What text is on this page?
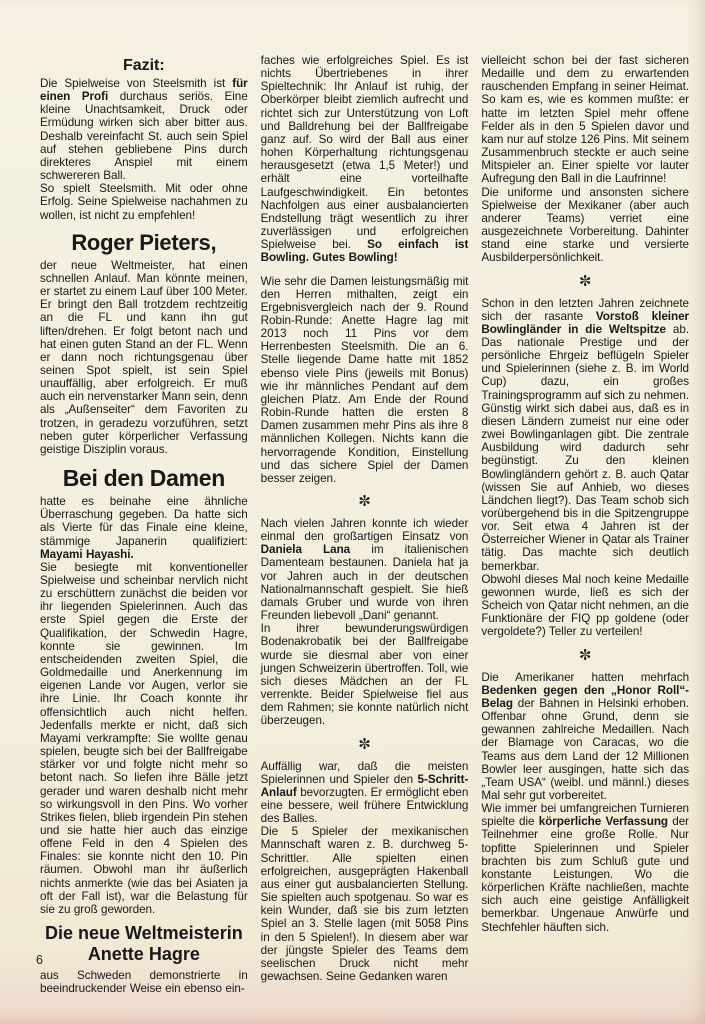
Fazit:

Die Spielweise von Steelsmith ist für einen Profi durchaus seriös. Eine kleine Unachtsamkeit, Druck oder Ermüdung wirken sich aber bitter aus. Deshalb vereinfacht St. auch sein Spiel auf stehen gebliebene Pins durch direkteres Anspiel mit einem schwereren Ball.

So spielt Steelsmith. Mit oder ohne Erfolg. Seine Spielweise nachahmen zu wollen, ist nicht zu empfehlen!

Roger Pieters,

der neue Weltmeister, hat einen schnellen Anlauf. Man könnte meinen, er startet zu einem Lauf über 100 Meter. Er bringt den Ball trotzdem rechtzeitig an die FL und kann ihn gut liften/drehen. Er folgt betont nach und hat einen guten Stand an der FL. Wenn er dann noch richtungsgenau über seinen Spot spielt, ist sein Spiel unauffällig, aber erfolgreich. Er muß auch ein nervenstarker Mann sein, denn als „Außenseiter“ dem Favoriten zu trotzen, in geradezu vorzuführen, setzt neben guter körperlicher Verfassung geistige Disziplin voraus.

Bei den Damen

hatte es beinahe eine ähnliche Überraschung gegeben. Da hatte sich als Vierte für das Finale eine kleine, stämmige Japanerin qualifiziert: Mayami Hayashi.

Sie besiegte mit konventioneller Spielweise und scheinbar nervlich nicht zu erschüttern zunächst die beiden vor ihr liegenden Spielerinnen. Auch das erste Spiel gegen die Erste der Qualifikation, der Schwedin Hagre, konnte sie gewinnen. Im entscheidenden zweiten Spiel, die Goldmedaille und Anerkennung im eigenen Lande vor Augen, verlor sie ihre Linie. Ihr Coach konnte ihr offensichtlich auch nicht helfen. Jedenfalls merkte er nicht, daß sich Mayami verkrampfte: Sie wollte genau spielen, beugte sich bei der Ballfreigabe stärker vor und folgte nicht mehr so betont nach. So liefen ihre Bälle jetzt gerader und waren deshalb nicht mehr so wirkungsvoll in den Pins. Wo vorher Strikes fielen, blieb irgendein Pin stehen und sie hatte hier auch das einzige offene Feld in den 4 Spielen des Finales: sie konnte nicht den 10. Pin räumen. Obwohl man ihr äußerlich nichts anmerkte (wie das bei Asiaten ja oft der Fall ist), war die Belastung für sie zu groß geworden.

Die neue Weltmeisterin
Anette Hagre

aus Schweden demonstrierte in beeindruckender Weise ein ebenso ein-

faches wie erfolgreiches Spiel. Es ist nichts Übertriebenes in ihrer Spieltechnik: Ihr Anlauf ist ruhig, der Oberkörper bleibt ziemlich aufrecht und richtet sich zur Unterstützung von Loft und Balldrehung bei der Ballfreigabe ganz auf. So wird der Ball aus einer hohen Körperhaltung richtungsgenau herausgesetzt (etwa 1,5 Meter!) und erhält eine vorteilhafte Laufgeschwindigkeit. Ein betontes Nachfolgen aus einer ausbalancierten Endstellung trägt wesentlich zu ihrer zuverlässigen und erfolgreichen Spielweise bei. So einfach ist Bowling. Gutes Bowling!

Wie sehr die Damen leistungsmäßig mit den Herren mithalten, zeigt ein Ergebnisvergleich nach der 9. Round Robin-Runde: Anette Hagre lag mit 2013 noch 11 Pins vor dem Herrenbesten Steelsmith. Die an 6. Stelle liegende Dame hatte mit 1852 ebenso viele Pins (jeweils mit Bonus) wie ihr männliches Pendant auf dem gleichen Platz. Am Ende der Round Robin-Runde hatten die ersten 8 Damen zusammen mehr Pins als ihre 8 männlichen Kollegen. Nichts kann die hervorragende Kondition, Einstellung und das sichere Spiel der Damen besser zeigen.

✼

Nach vielen Jahren konnte ich wieder einmal den großartigen Einsatz von Daniela Lana im italienischen Damenteam bestaunen. Daniela hat ja vor Jahren auch in der deutschen Nationalmannschaft gespielt. Sie hieß damals Gruber und wurde von ihren Freunden liebevoll „Dani“ genannt.

In ihrer bewunderungswürdigen Bodenakrobatik bei der Ballfreigabe wurde sie diesmal aber von einer jungen Schweizerin übertroffen. Toll, wie sich dieses Mädchen an der FL verrenkte. Beider Spielweise fiel aus dem Rahmen; sie konnte natürlich nicht überzeugen.

✼

Auffällig war, daß die meisten Spielerinnen und Spieler den 5-Schritt-Anlauf bevorzugten. Er ermöglicht eben eine bessere, weil frühere Entwicklung des Balles.

Die 5 Spieler der mexikanischen Mannschaft waren z. B. durchweg 5-Schrittler. Alle spielten einen erfolgreichen, ausgeprägten Hakenball aus einer gut ausbalancierten Stellung. Sie spielten auch spotgenau. So war es kein Wunder, daß sie bis zum letzten Spiel an 3. Stelle lagen (mit 5058 Pins in den 5 Spielen!). In diesem aber war der jüngste Spieler des Teams dem seelischen Druck nicht mehr gewachsen. Seine Gedanken waren

vielleicht schon bei der fast sicheren Medaille und dem zu erwartenden rauschenden Empfang in seiner Heimat. So kam es, wie es kommen mußte: er hatte im letzten Spiel mehr offene Felder als in den 5 Spielen davor und kam nur auf stolze 126 Pins. Mit seinem Zusammenbruch steckte er auch seine Mitspieler an. Einer spielte vor lauter Aufregung den Ball in die Laufrinne!

Die uniforme und ansonsten sichere Spielweise der Mexikaner (aber auch anderer Teams) verriet eine ausgezeichnete Vorbereitung. Dahinter stand eine starke und versierte Ausbilderpersönlichkeit.

✼

Schon in den letzten Jahren zeichnete sich der rasante Vorstoß kleiner Bowlingländer in die Weltspitze ab. Das nationale Prestige und der persönliche Ehrgeiz beflügeln Spieler und Spielerinnen (siehe z. B. im World Cup) dazu, ein großes Trainingsprogramm auf sich zu nehmen. Günstig wirkt sich dabei aus, daß es in diesen Ländern zumeist nur eine oder zwei Bowlinganlagen gibt. Die zentrale Ausbildung wird dadurch sehr begünstigt. Zu den kleinen Bowlingländern gehört z. B. auch Qatar (wissen Sie auf Anhieb, wo dieses Ländchen liegt?). Das Team schob sich vorübergehend bis in die Spitzengruppe vor. Seit etwa 4 Jahren ist der Österreicher Wiener in Qatar als Trainer tätig. Das machte sich deutlich bemerkbar.

Obwohl dieses Mal noch keine Medaille gewonnen wurde, ließ es sich der Scheich von Qatar nicht nehmen, an die Funktionäre der FIQ pp goldene (oder vergoldete?) Teller zu verteilen!

✼

Die Amerikaner hatten mehrfach Bedenken gegen den „Honor Roll“-Belag der Bahnen in Helsinki erhoben. Offenbar ohne Grund, denn sie gewannen zahlreiche Medaillen. Nach der Blamage von Caracas, wo die Teams aus dem Land der 12 Millionen Bowler leer ausgingen, hatte sich das „Team USA“ (weibl. und männl.) dieses Mal sehr gut vorbereitet.

Wie immer bei umfangreichen Turnieren spielte die körperliche Verfassung der Teilnehmer eine große Rolle. Nur topfitte Spielerinnen und Spieler brachten bis zum Schluß gute und konstante Leistungen. Wo die körperlichen Kräfte nachließen, machte sich auch eine geistige Anfälligkeit bemerkbar. Ungenaue Anwürfe und Stechfehler häuften sich.

6
